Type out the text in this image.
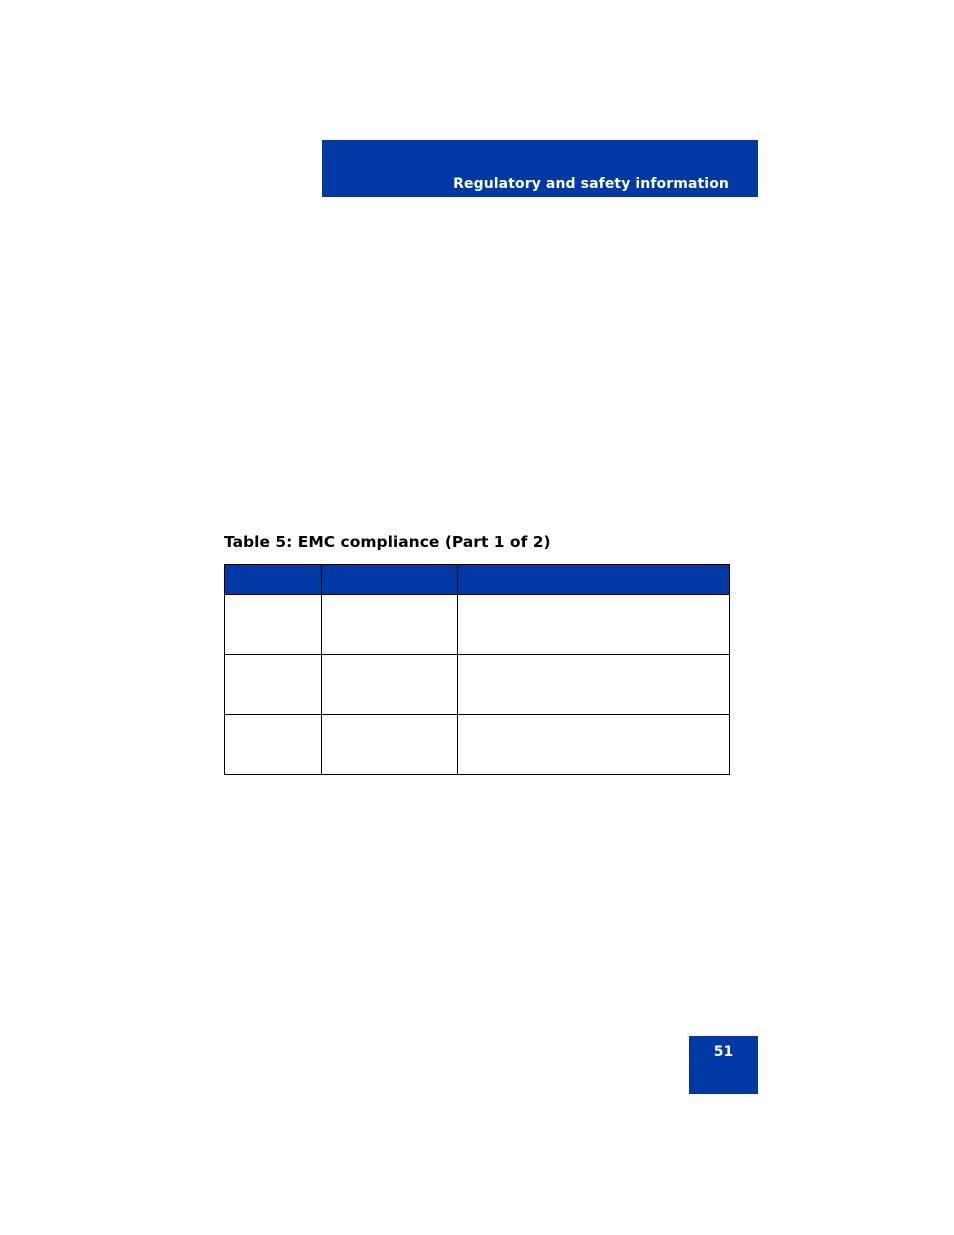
Regulatory and safety information
Table 5: EMC compliance (Part 1 of 2)

51
